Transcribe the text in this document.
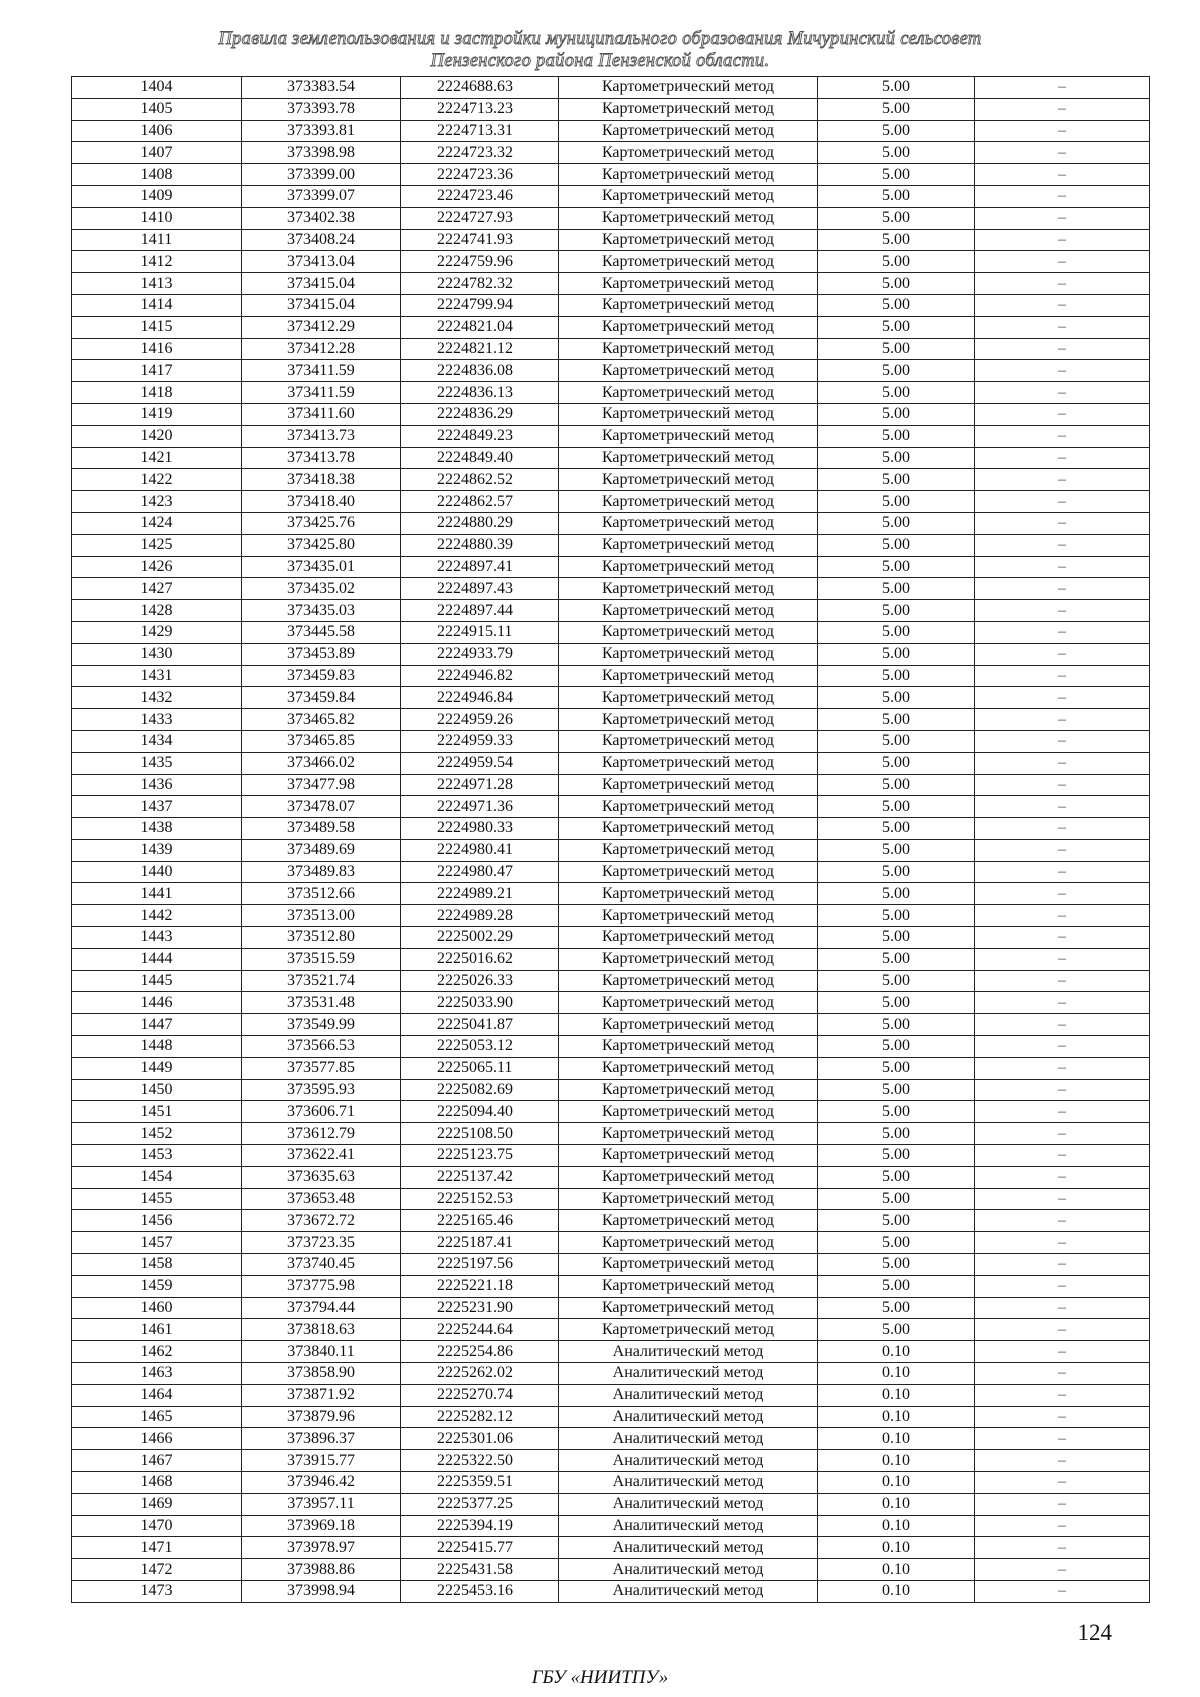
Правила землепользования и застройки муниципального образования Мичуринский сельсовет
Пензенского района Пензенской области.
1404	373383.54	2224688.63	Картометрический метод	5.00	–
1405	373393.78	2224713.23	Картометрический метод	5.00	–
1406	373393.81	2224713.31	Картометрический метод	5.00	–
1407	373398.98	2224723.32	Картометрический метод	5.00	–
1408	373399.00	2224723.36	Картометрический метод	5.00	–
1409	373399.07	2224723.46	Картометрический метод	5.00	–
1410	373402.38	2224727.93	Картометрический метод	5.00	–
1411	373408.24	2224741.93	Картометрический метод	5.00	–
1412	373413.04	2224759.96	Картометрический метод	5.00	–
1413	373415.04	2224782.32	Картометрический метод	5.00	–
1414	373415.04	2224799.94	Картометрический метод	5.00	–
1415	373412.29	2224821.04	Картометрический метод	5.00	–
1416	373412.28	2224821.12	Картометрический метод	5.00	–
1417	373411.59	2224836.08	Картометрический метод	5.00	–
1418	373411.59	2224836.13	Картометрический метод	5.00	–
1419	373411.60	2224836.29	Картометрический метод	5.00	–
1420	373413.73	2224849.23	Картометрический метод	5.00	–
1421	373413.78	2224849.40	Картометрический метод	5.00	–
1422	373418.38	2224862.52	Картометрический метод	5.00	–
1423	373418.40	2224862.57	Картометрический метод	5.00	–
1424	373425.76	2224880.29	Картометрический метод	5.00	–
1425	373425.80	2224880.39	Картометрический метод	5.00	–
1426	373435.01	2224897.41	Картометрический метод	5.00	–
1427	373435.02	2224897.43	Картометрический метод	5.00	–
1428	373435.03	2224897.44	Картометрический метод	5.00	–
1429	373445.58	2224915.11	Картометрический метод	5.00	–
1430	373453.89	2224933.79	Картометрический метод	5.00	–
1431	373459.83	2224946.82	Картометрический метод	5.00	–
1432	373459.84	2224946.84	Картометрический метод	5.00	–
1433	373465.82	2224959.26	Картометрический метод	5.00	–
1434	373465.85	2224959.33	Картометрический метод	5.00	–
1435	373466.02	2224959.54	Картометрический метод	5.00	–
1436	373477.98	2224971.28	Картометрический метод	5.00	–
1437	373478.07	2224971.36	Картометрический метод	5.00	–
1438	373489.58	2224980.33	Картометрический метод	5.00	–
1439	373489.69	2224980.41	Картометрический метод	5.00	–
1440	373489.83	2224980.47	Картометрический метод	5.00	–
1441	373512.66	2224989.21	Картометрический метод	5.00	–
1442	373513.00	2224989.28	Картометрический метод	5.00	–
1443	373512.80	2225002.29	Картометрический метод	5.00	–
1444	373515.59	2225016.62	Картометрический метод	5.00	–
1445	373521.74	2225026.33	Картометрический метод	5.00	–
1446	373531.48	2225033.90	Картометрический метод	5.00	–
1447	373549.99	2225041.87	Картометрический метод	5.00	–
1448	373566.53	2225053.12	Картометрический метод	5.00	–
1449	373577.85	2225065.11	Картометрический метод	5.00	–
1450	373595.93	2225082.69	Картометрический метод	5.00	–
1451	373606.71	2225094.40	Картометрический метод	5.00	–
1452	373612.79	2225108.50	Картометрический метод	5.00	–
1453	373622.41	2225123.75	Картометрический метод	5.00	–
1454	373635.63	2225137.42	Картометрический метод	5.00	–
1455	373653.48	2225152.53	Картометрический метод	5.00	–
1456	373672.72	2225165.46	Картометрический метод	5.00	–
1457	373723.35	2225187.41	Картометрический метод	5.00	–
1458	373740.45	2225197.56	Картометрический метод	5.00	–
1459	373775.98	2225221.18	Картометрический метод	5.00	–
1460	373794.44	2225231.90	Картометрический метод	5.00	–
1461	373818.63	2225244.64	Картометрический метод	5.00	–
1462	373840.11	2225254.86	Аналитический метод	0.10	–
1463	373858.90	2225262.02	Аналитический метод	0.10	–
1464	373871.92	2225270.74	Аналитический метод	0.10	–
1465	373879.96	2225282.12	Аналитический метод	0.10	–
1466	373896.37	2225301.06	Аналитический метод	0.10	–
1467	373915.77	2225322.50	Аналитический метод	0.10	–
1468	373946.42	2225359.51	Аналитический метод	0.10	–
1469	373957.11	2225377.25	Аналитический метод	0.10	–
1470	373969.18	2225394.19	Аналитический метод	0.10	–
1471	373978.97	2225415.77	Аналитический метод	0.10	–
1472	373988.86	2225431.58	Аналитический метод	0.10	–
1473	373998.94	2225453.16	Аналитический метод	0.10	–
124
ГБУ «НИИТПУ»
